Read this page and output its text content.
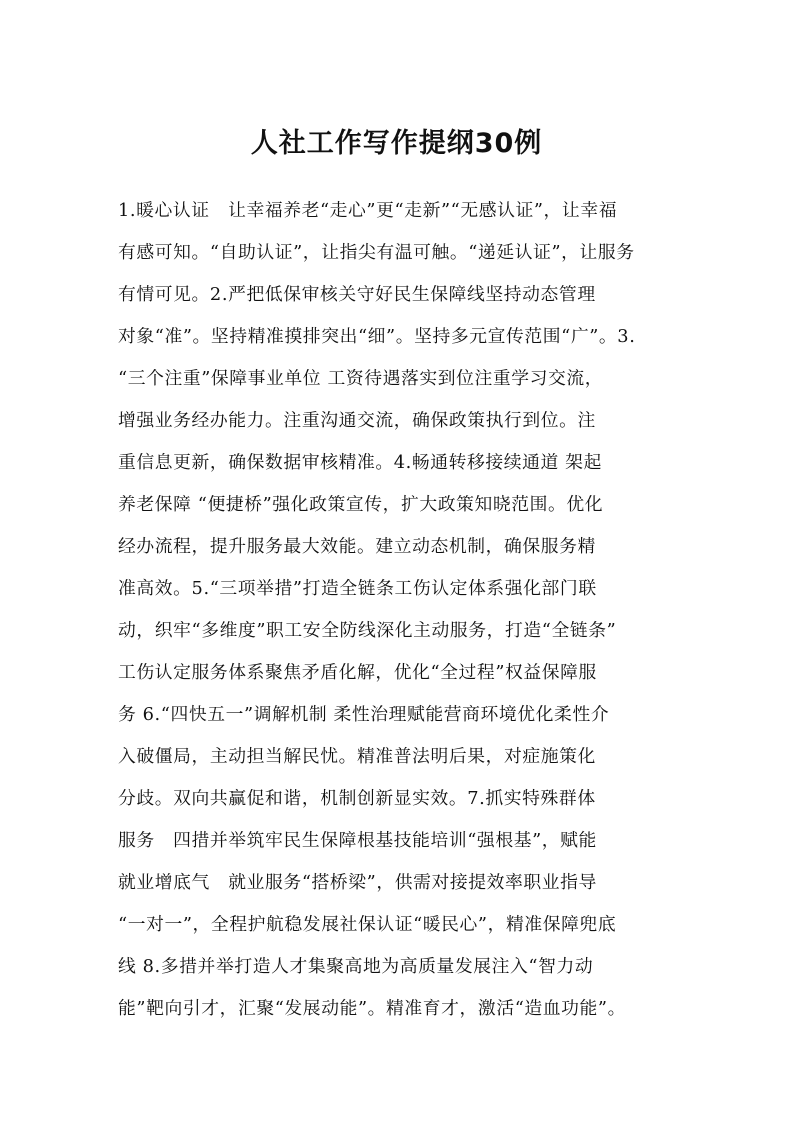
人社工作写作提纲30例
1.暖心认证　让幸福养老“走心”更“走新”“无感认证”，让幸福
有感可知。“自助认证”，让指尖有温可触。“递延认证”，让服务
有情可见。2.严把低保审核关守好民生保障线坚持动态管理
对象“准”。坚持精准摸排突出“细”。坚持多元宣传范围“广”。3.
“三个注重”保障事业单位 工资待遇落实到位注重学习交流，
增强业务经办能力。注重沟通交流，确保政策执行到位。注
重信息更新，确保数据审核精准。4.畅通转移接续通道 架起
养老保障 “便捷桥”强化政策宣传，扩大政策知晓范围。优化
经办流程，提升服务最大效能。建立动态机制，确保服务精
准高效。5.“三项举措”打造全链条工伤认定体系强化部门联
动，织牢“多维度”职工安全防线深化主动服务，打造“全链条”
工伤认定服务体系聚焦矛盾化解，优化“全过程”权益保障服
务 6.“四快五一”调解机制 柔性治理赋能营商环境优化柔性介
入破僵局，主动担当解民忧。精准普法明后果，对症施策化
分歧。双向共赢促和谐，机制创新显实效。7.抓实特殊群体
服务　四措并举筑牢民生保障根基技能培训“强根基”，赋能
就业增底气　就业服务“搭桥梁”，供需对接提效率职业指导
“一对一”，全程护航稳发展社保认证“暖民心”，精准保障兜底
线 8.多措并举打造人才集聚高地为高质量发展注入“智力动
能”靶向引才，汇聚“发展动能”。精准育才，激活“造血功能”。
